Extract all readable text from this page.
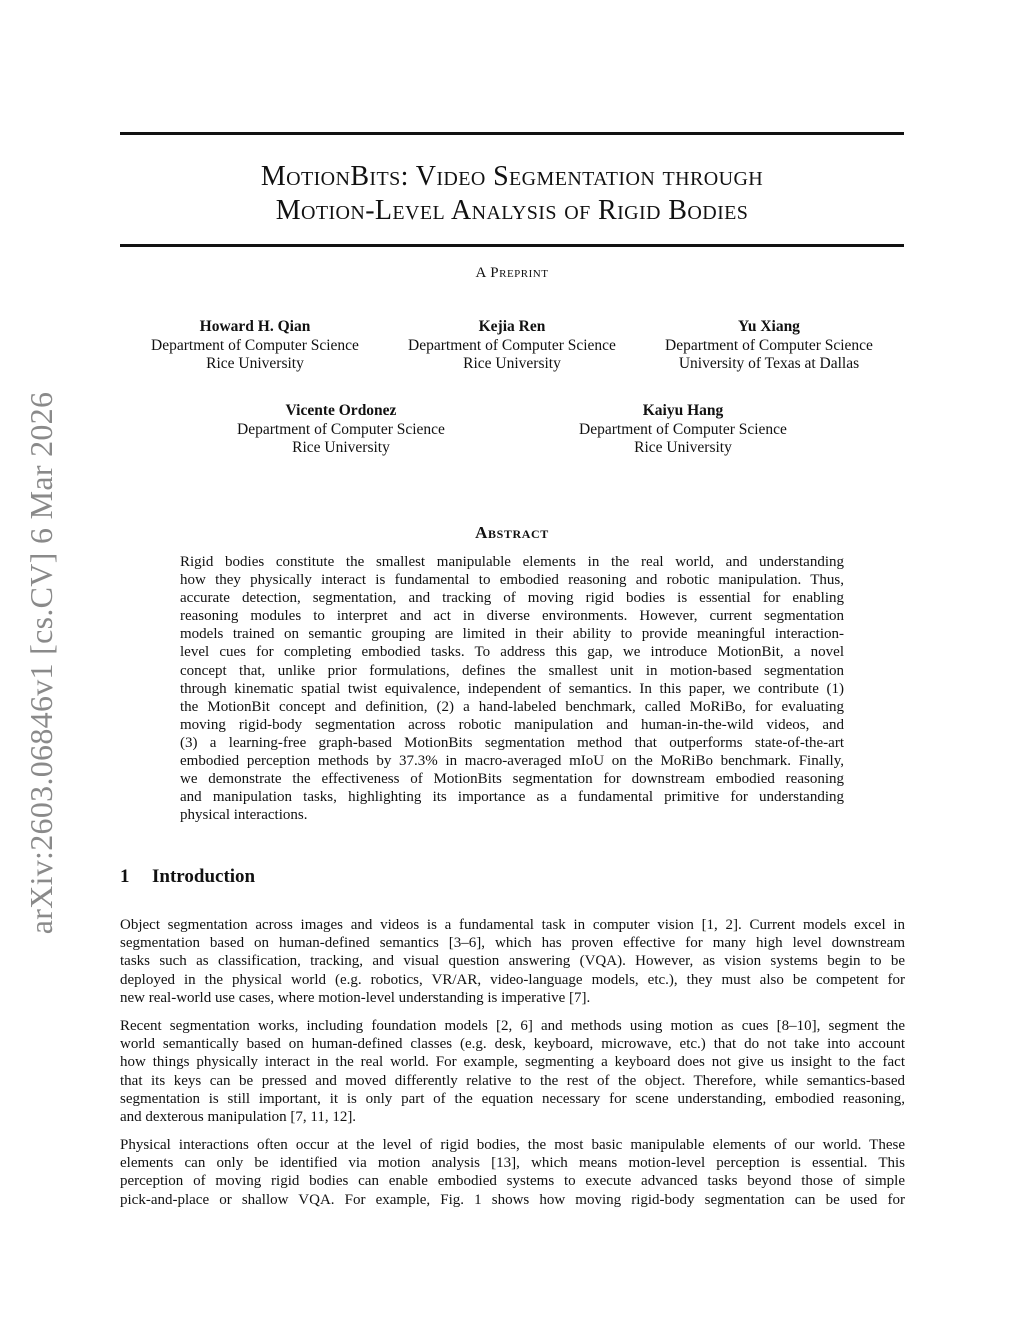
arXiv:2603.06846v1 [cs.CV] 6 Mar 2026
MotionBits: Video Segmentation through
Motion-Level Analysis of Rigid Bodies
A Preprint
Howard H. Qian
Department of Computer Science
Rice University
Kejia Ren
Department of Computer Science
Rice University
Yu Xiang
Department of Computer Science
University of Texas at Dallas
Vicente Ordonez
Department of Computer Science
Rice University
Kaiyu Hang
Department of Computer Science
Rice University
Abstract
Rigid bodies constitute the smallest manipulable elements in the real world, and understanding
how they physically interact is fundamental to embodied reasoning and robotic manipulation. Thus,
accurate detection, segmentation, and tracking of moving rigid bodies is essential for enabling
reasoning modules to interpret and act in diverse environments. However, current segmentation
models trained on semantic grouping are limited in their ability to provide meaningful interaction-
level cues for completing embodied tasks. To address this gap, we introduce MotionBit, a novel
concept that, unlike prior formulations, defines the smallest unit in motion-based segmentation
through kinematic spatial twist equivalence, independent of semantics. In this paper, we contribute (1)
the MotionBit concept and definition, (2) a hand-labeled benchmark, called MoRiBo, for evaluating
moving rigid-body segmentation across robotic manipulation and human-in-the-wild videos, and
(3) a learning-free graph-based MotionBits segmentation method that outperforms state-of-the-art
embodied perception methods by 37.3% in macro-averaged mIoU on the MoRiBo benchmark. Finally,
we demonstrate the effectiveness of MotionBits segmentation for downstream embodied reasoning
and manipulation tasks, highlighting its importance as a fundamental primitive for understanding
physical interactions.
1 Introduction
Object segmentation across images and videos is a fundamental task in computer vision [1, 2]. Current models excel in
segmentation based on human-defined semantics [3–6], which has proven effective for many high level downstream
tasks such as classification, tracking, and visual question answering (VQA). However, as vision systems begin to be
deployed in the physical world (e.g. robotics, VR/AR, video-language models, etc.), they must also be competent for
new real-world use cases, where motion-level understanding is imperative [7].
Recent segmentation works, including foundation models [2, 6] and methods using motion as cues [8–10], segment the
world semantically based on human-defined classes (e.g. desk, keyboard, microwave, etc.) that do not take into account
how things physically interact in the real world. For example, segmenting a keyboard does not give us insight to the fact
that its keys can be pressed and moved differently relative to the rest of the object. Therefore, while semantics-based
segmentation is still important, it is only part of the equation necessary for scene understanding, embodied reasoning,
and dexterous manipulation [7, 11, 12].
Physical interactions often occur at the level of rigid bodies, the most basic manipulable elements of our world. These
elements can only be identified via motion analysis [13], which means motion-level perception is essential. This
perception of moving rigid bodies can enable embodied systems to execute advanced tasks beyond those of simple
pick-and-place or shallow VQA. For example, Fig. 1 shows how moving rigid-body segmentation can be used for
